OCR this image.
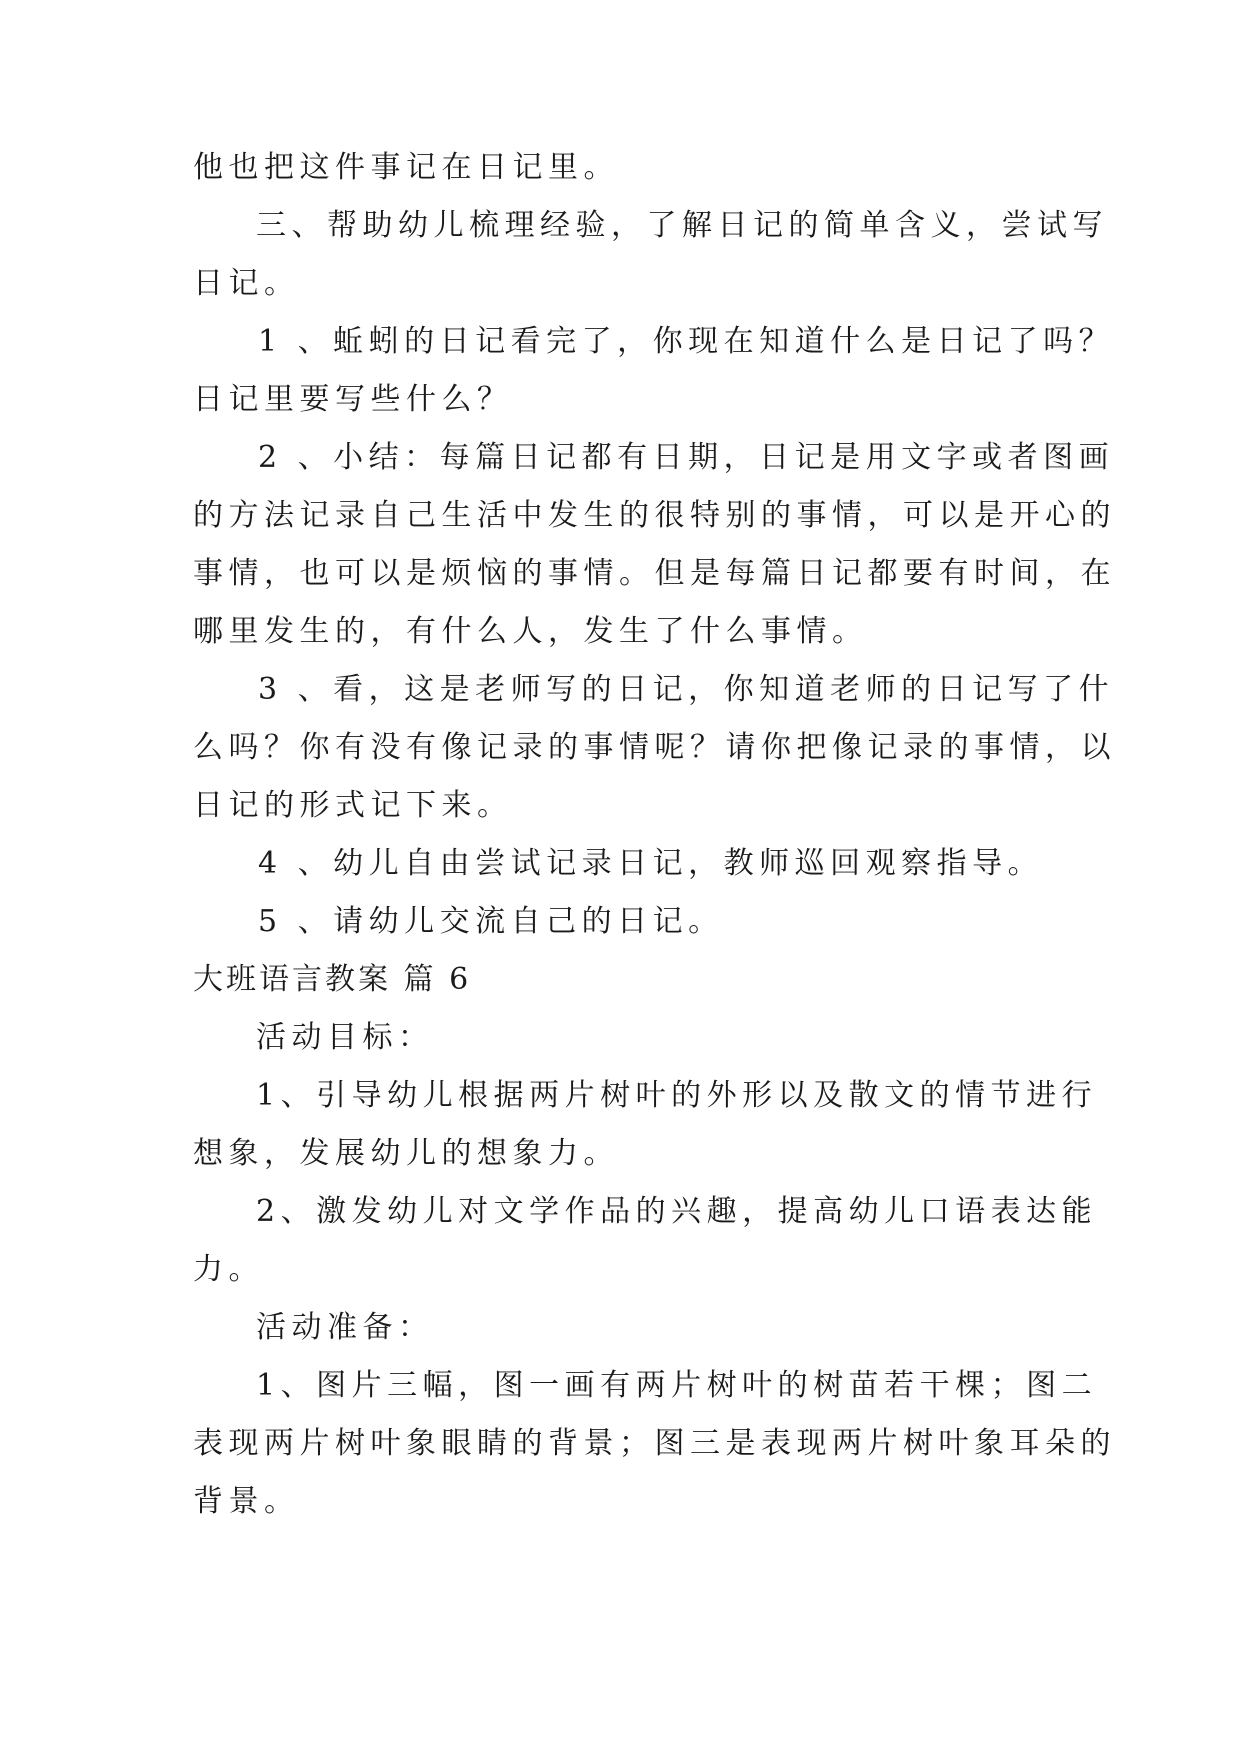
他也把这件事记在日记里。
三、帮助幼儿梳理经验，了解日记的简单含义，尝试写
日记。
1 、蚯蚓的日记看完了，你现在知道什么是日记了吗？
日记里要写些什么？
2 、小结：每篇日记都有日期，日记是用文字或者图画
的方法记录自己生活中发生的很特别的事情，可以是开心的
事情，也可以是烦恼的事情。但是每篇日记都要有时间，在
哪里发生的，有什么人，发生了什么事情。
3 、看，这是老师写的日记，你知道老师的日记写了什
么吗？你有没有像记录的事情呢？请你把像记录的事情，以
日记的形式记下来。
4 、幼儿自由尝试记录日记，教师巡回观察指导。
5 、请幼儿交流自己的日记。
大班语言教案 篇 6
活动目标：
1、引导幼儿根据两片树叶的外形以及散文的情节进行
想象，发展幼儿的想象力。
2、激发幼儿对文学作品的兴趣，提高幼儿口语表达能
力。
活动准备：
1、图片三幅，图一画有两片树叶的树苗若干棵；图二
表现两片树叶象眼睛的背景；图三是表现两片树叶象耳朵的
背景。
